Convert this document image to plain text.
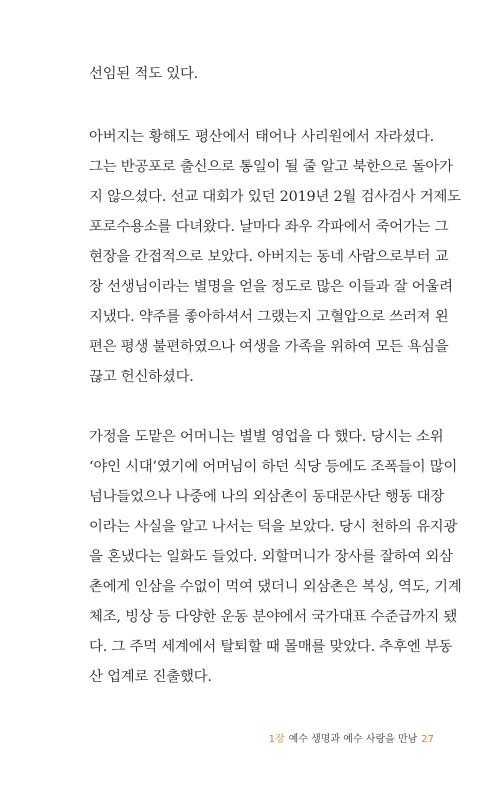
선임된 적도 있다.
아버지는 황해도 평산에서 태어나 사리원에서 자라셨다.
그는 반공포로 출신으로 통일이 될 줄 알고 북한으로 돌아가
지 않으셨다. 선교 대회가 있던 2019년 2월 검사검사 거제도
포로수용소를 다녀왔다. 날마다 좌우 각파에서 죽어가는 그
현장을 간접적으로 보았다. 아버지는 동네 사람으로부터 교
장 선생님이라는 별명을 얻을 정도로 많은 이들과 잘 어울려
지냈다. 약주를 좋아하셔서 그랬는지 고혈압으로 쓰러져 왼
편은 평생 불편하였으나 여생을 가족을 위하여 모든 욕심을
끊고 헌신하셨다.
가정을 도맡은 어머니는 별별 영업을 다 했다. 당시는 소위
‘야인 시대’였기에 어머님이 하던 식당 등에도 조폭들이 많이
넘나들었으나 나중에 나의 외삼촌이 동대문사단 행동 대장
이라는 사실을 알고 나서는 덕을 보았다. 당시 천하의 유지광
을 혼냈다는 일화도 들었다. 외할머니가 장사를 잘하여 외삼
촌에게 인삼을 수없이 먹여 댔더니 외삼촌은 복싱, 역도, 기계
체조, 빙상 등 다양한 운동 분야에서 국가대표 수준급까지 됐
다. 그 주먹 세계에서 탈퇴할 때 몰매를 맞았다. 추후엔 부동
산 업계로 진출했다.
1장 예수 생명과 예수 사랑을 만남 27
